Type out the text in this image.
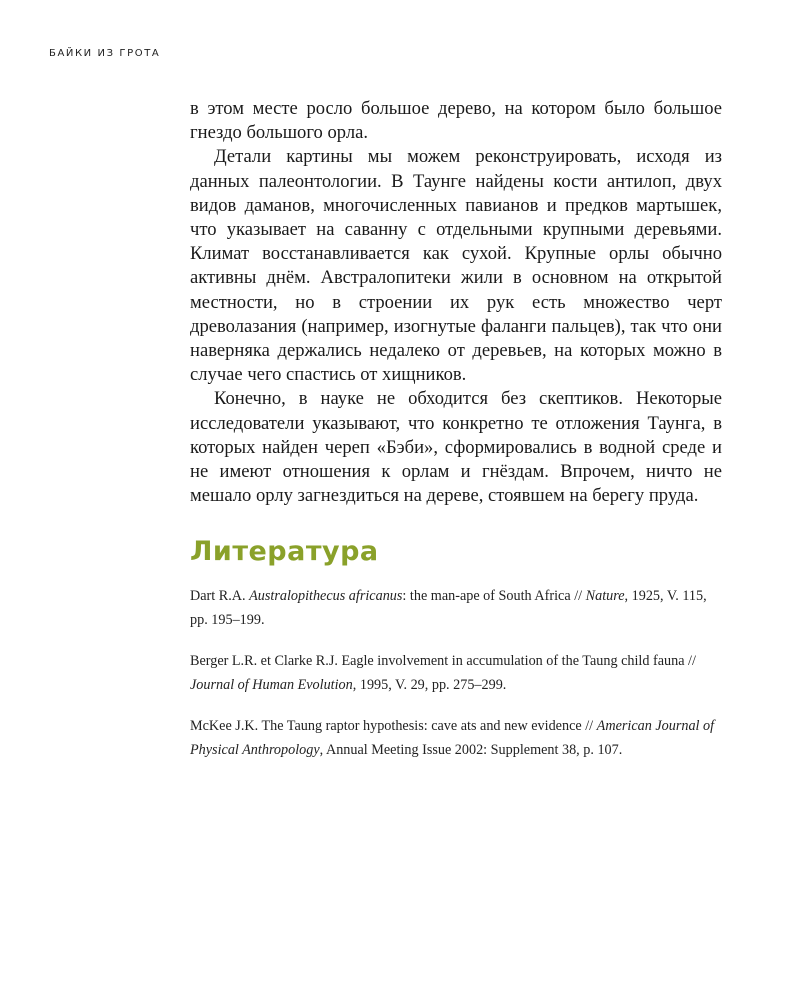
БАЙКИ ИЗ ГРОТА

в этом месте росло большое дерево, на котором было большое гнездо большого орла.

Детали картины мы можем реконструировать, исходя из данных палеонтологии. В Таунге найдены кости антилоп, двух видов даманов, многочисленных павианов и предков мартышек, что указывает на саванну с отдельными крупными деревьями. Климат восстанавливается как сухой. Крупные орлы обычно активны днём. Австралопитеки жили в основном на открытой местности, но в строении их рук есть множество черт древолазания (например, изогнутые фаланги пальцев), так что они наверняка держались недалеко от деревьев, на которых можно в случае чего спастись от хищников.

Конечно, в науке не обходится без скептиков. Некоторые исследователи указывают, что конкретно те отложения Таунга, в которых найден череп «Бэби», сформировались в водной среде и не имеют отношения к орлам и гнёздам. Впрочем, ничто не мешало орлу загнездиться на дереве, стоявшем на берегу пруда.

Литература

Dart R.A. Australopithecus africanus: the man-ape of South Africa // Nature, 1925, V. 115, pp. 195–199.

Berger L.R. et Clarke R.J. Eagle involvement in accumulation of the Taung child fauna // Journal of Human Evolution, 1995, V. 29, pp. 275–299.

McKee J.K. The Taung raptor hypothesis: cave ats and new evidence // American Journal of Physical Anthropology, Annual Meeting Issue 2002: Supplement 38, p. 107.
